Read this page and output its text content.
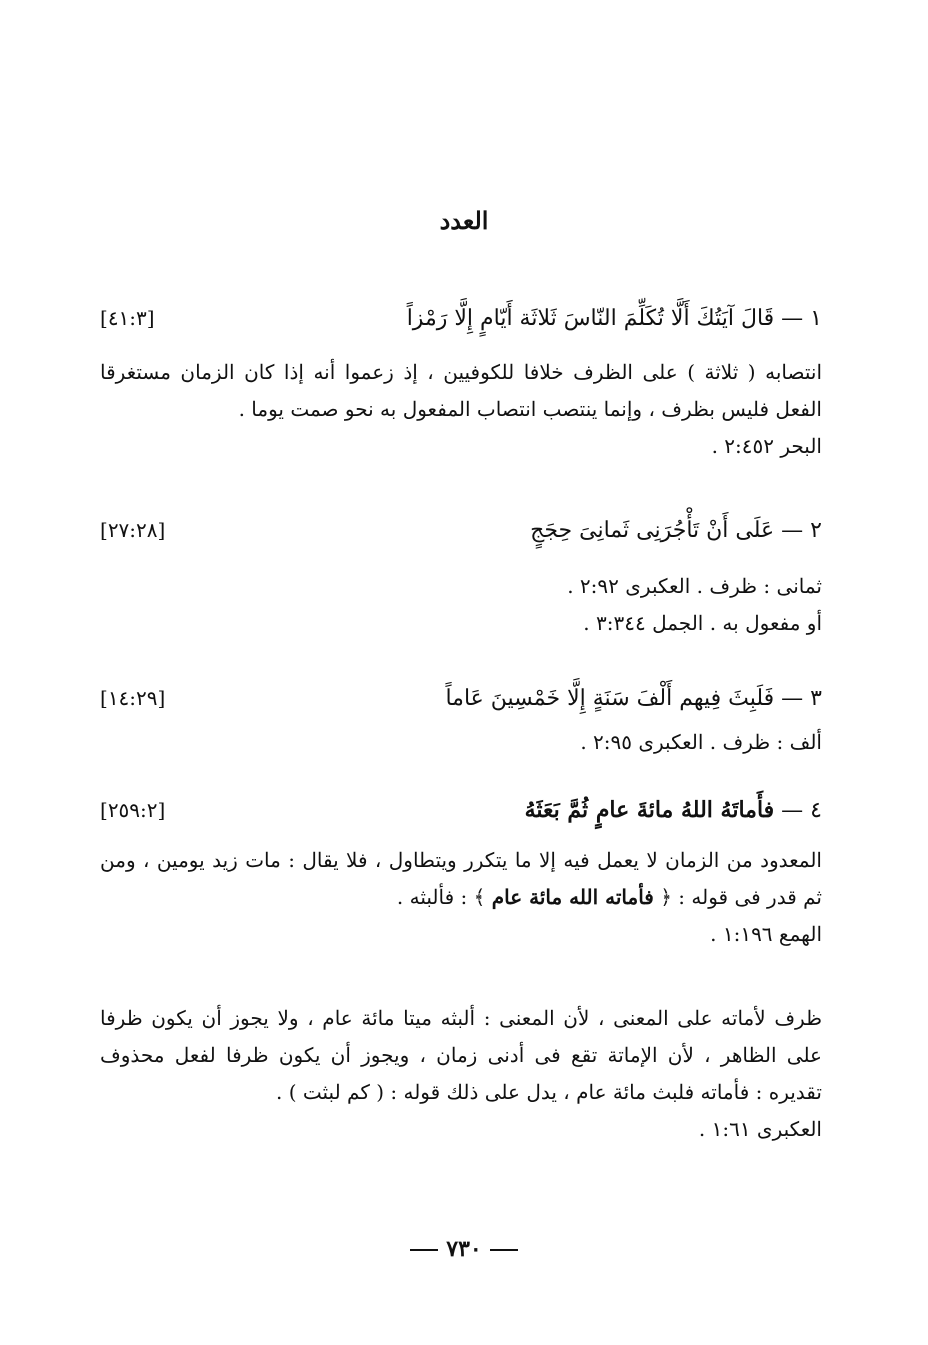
العدد
[٤١:٣]	١ — قَالَ آيَتُكَ أَلَّا تُكَلِّمَ النّاسَ ثَلاثَة أَيّامٍ إِلَّا رَمْزاً

انتصابه ( ثلاثة ) على الظرف خلافا للكوفيين ، إذ زعموا أنه إذا كان الزمان مستغرقا الفعل فليس بظرف ، وإنما ينتصب انتصاب المفعول به نحو صمت يوما .

البحر ٢:٤٥٢ .

[٢٧:٢٨]	٢ — عَلَى أَنْ تَأْجُرَنِى ثَمانِىَ حِجَجٍ

ثمانى : ظرف . العكبرى ٢:٩٢ .

أو مفعول به . الجمل ٣:٣٤٤ .

[١٤:٢٩]	٣ — فَلَبِثَ فِيهم أَلْفَ سَنَةٍ إِلَّا خَمْسِينَ عَاماً

ألف : ظرف . العكبرى ٢:٩٥ .

[٢٥٩:٢]	٤ — فأَماتَهُ اللهُ مائةَ عامٍ ثُمَّ بَعَثَهُ

المعدود من الزمان لا يعمل فيه إلا ما يتكرر ويتطاول ، فلا يقال : مات زيد يومين ، ومن ثم قدر فى قوله : ﴿ فأماته الله مائة عام ﴾ : فألبثه .

الهمع ١:١٩٦ .

ظرف لأماته على المعنى ، لأن المعنى : ألبثه ميتا مائة عام ، ولا يجوز أن يكون ظرفا على الظاهر ، لأن الإماتة تقع فى أدنى زمان ، ويجوز أن يكون ظرفا لفعل محذوف تقديره : فأماته فلبث مائة عام ، يدل على ذلك قوله : ( كم لبثت ) .

العكبرى ١:٦١ .

٧٣٠
